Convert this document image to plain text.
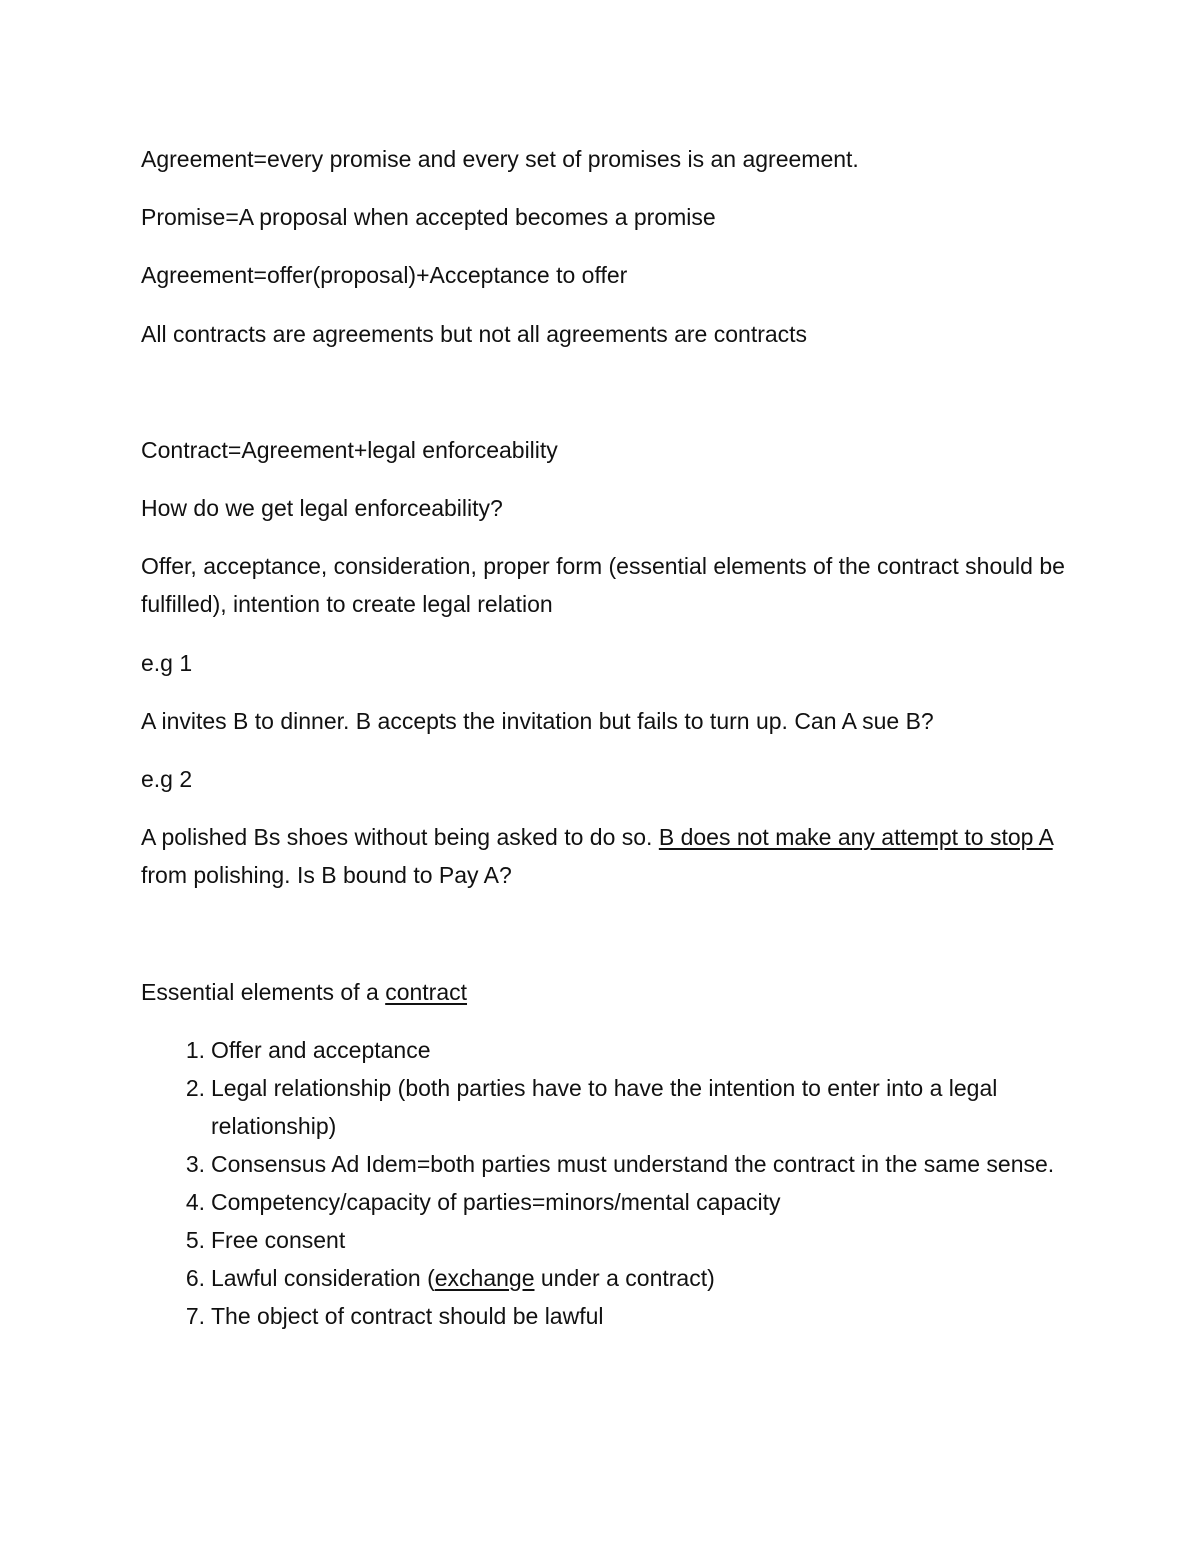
Agreement=every promise and every set of promises is an agreement.
Promise=A proposal when accepted becomes a promise
Agreement=offer(proposal)+Acceptance to offer
All contracts are agreements but not all agreements are contracts
Contract=Agreement+legal enforceability
How do we get legal enforceability?
Offer, acceptance, consideration, proper form (essential elements of the contract should be fulfilled), intention to create legal relation
e.g 1
A invites B to dinner. B accepts the invitation but fails to turn up. Can A sue B?
e.g 2
A polished Bs shoes without being asked to do so. B does not make any attempt to stop A from polishing. Is B bound to Pay A?
Essential elements of a contract
1. Offer and acceptance
2. Legal relationship (both parties have to have the intention to enter into a legal relationship)
3. Consensus Ad Idem=both parties must understand the contract in the same sense.
4. Competency/capacity of parties=minors/mental capacity
5. Free consent
6. Lawful consideration (exchange under a contract)
7. The object of contract should be lawful
